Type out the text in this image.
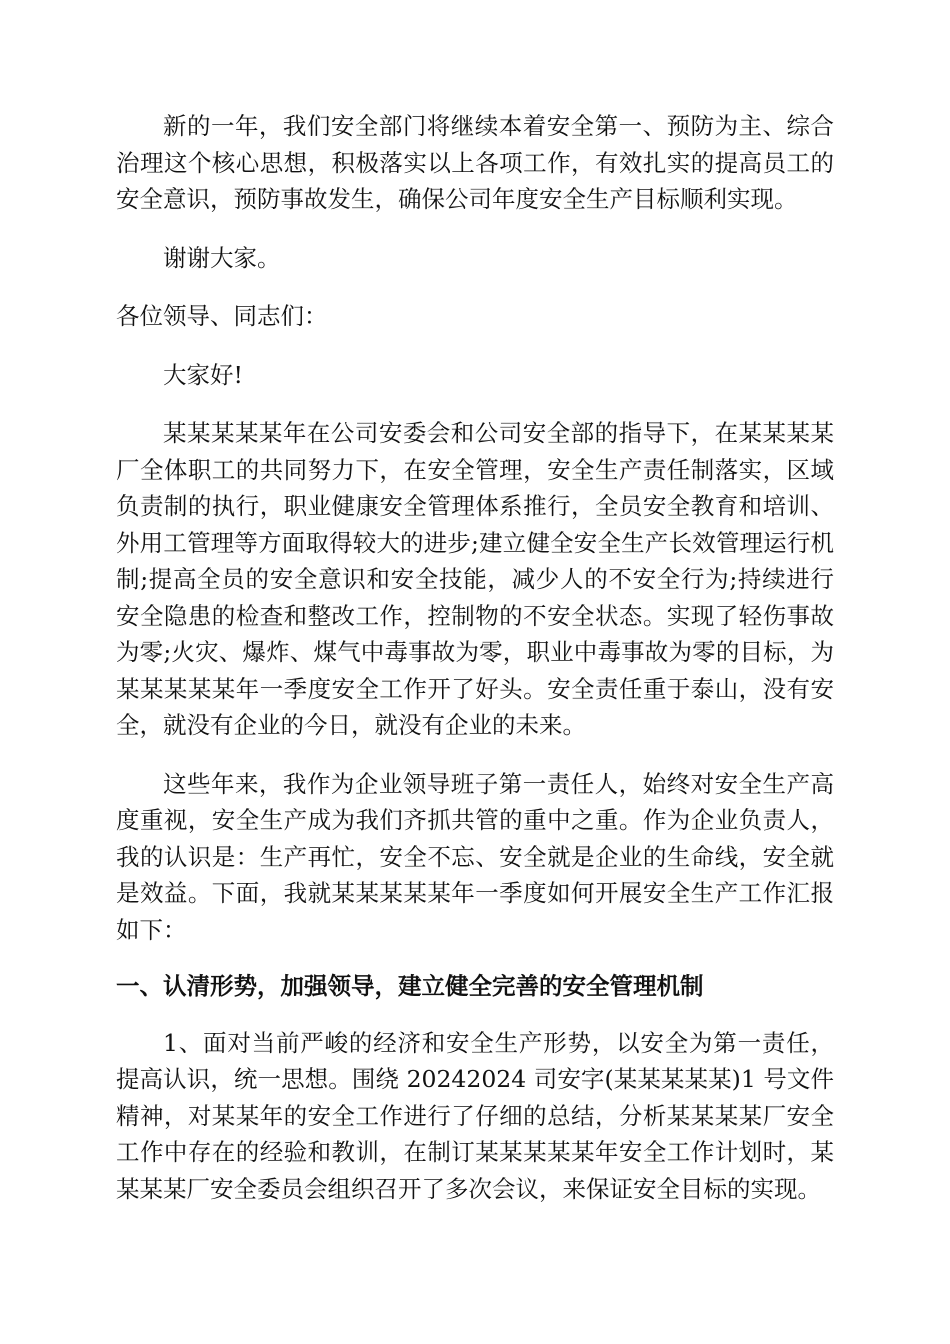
新的一年，我们安全部门将继续本着安全第一、预防为主、综合治理这个核心思想，积极落实以上各项工作，有效扎实的提高员工的安全意识，预防事故发生，确保公司年度安全生产目标顺利实现。

谢谢大家。

各位领导、同志们：

大家好!

某某某某某年在公司安委会和公司安全部的指导下，在某某某某厂全体职工的共同努力下，在安全管理，安全生产责任制落实，区域负责制的执行，职业健康安全管理体系推行，全员安全教育和培训、外用工管理等方面取得较大的进步;建立健全安全生产长效管理运行机制;提高全员的安全意识和安全技能，减少人的不安全行为;持续进行安全隐患的检查和整改工作，控制物的不安全状态。实现了轻伤事故为零;火灾、爆炸、煤气中毒事故为零，职业中毒事故为零的目标，为某某某某某年一季度安全工作开了好头。安全责任重于泰山，没有安全，就没有企业的今日，就没有企业的未来。

这些年来，我作为企业领导班子第一责任人，始终对安全生产高度重视，安全生产成为我们齐抓共管的重中之重。作为企业负责人，我的认识是：生产再忙，安全不忘、安全就是企业的生命线，安全就是效益。下面，我就某某某某某年一季度如何开展安全生产工作汇报如下：

一、认清形势，加强领导，建立健全完善的安全管理机制

1、面对当前严峻的经济和安全生产形势，以安全为第一责任，提高认识，统一思想。围绕 20242024 司安字(某某某某某)1 号文件精神，对某某年的安全工作进行了仔细的总结，分析某某某某厂安全工作中存在的经验和教训，在制订某某某某某年安全工作计划时，某某某某厂安全委员会组织召开了多次会议，来保证安全目标的实现。
